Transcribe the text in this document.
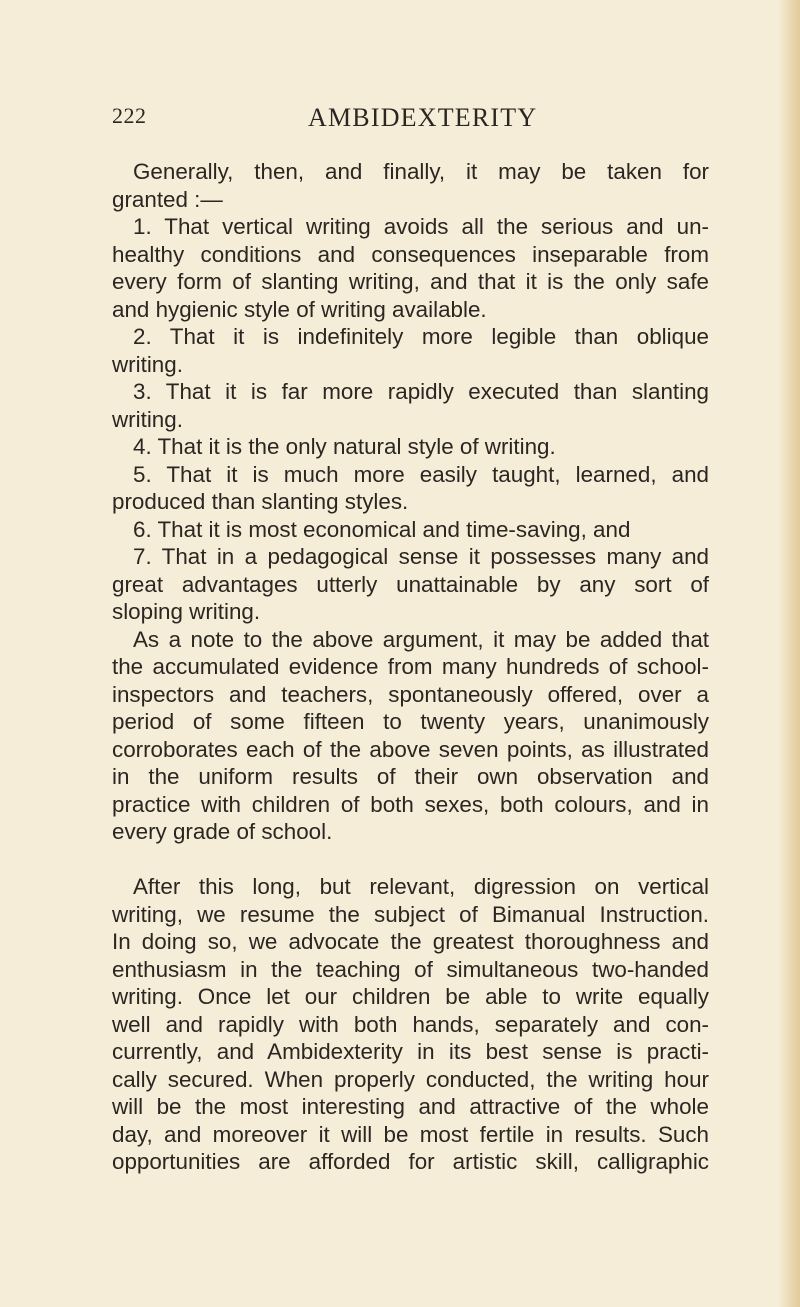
222	AMBIDEXTERITY
Generally, then, and finally, it may be taken for
granted :—
1. That vertical writing avoids all the serious and un-
healthy conditions and consequences inseparable from
every form of slanting writing, and that it is the only safe
and hygienic style of writing available.
2. That it is indefinitely more legible than oblique
writing.
3. That it is far more rapidly executed than slanting
writing.
4. That it is the only natural style of writing.
5. That it is much more easily taught, learned, and
produced than slanting styles.
6. That it is most economical and time-saving, and
7. That in a pedagogical sense it possesses many and
great advantages utterly unattainable by any sort of
sloping writing.
As a note to the above argument, it may be added that
the accumulated evidence from many hundreds of school-
inspectors and teachers, spontaneously offered, over a
period of some fifteen to twenty years, unanimously
corroborates each of the above seven points, as illustrated
in the uniform results of their own observation and
practice with children of both sexes, both colours, and in
every grade of school.
After this long, but relevant, digression on vertical
writing, we resume the subject of Bimanual Instruction.
In doing so, we advocate the greatest thoroughness and
enthusiasm in the teaching of simultaneous two-handed
writing. Once let our children be able to write equally
well and rapidly with both hands, separately and con-
currently, and Ambidexterity in its best sense is practi-
cally secured. When properly conducted, the writing hour
will be the most interesting and attractive of the whole
day, and moreover it will be most fertile in results. Such
opportunities are afforded for artistic skill, calligraphic
